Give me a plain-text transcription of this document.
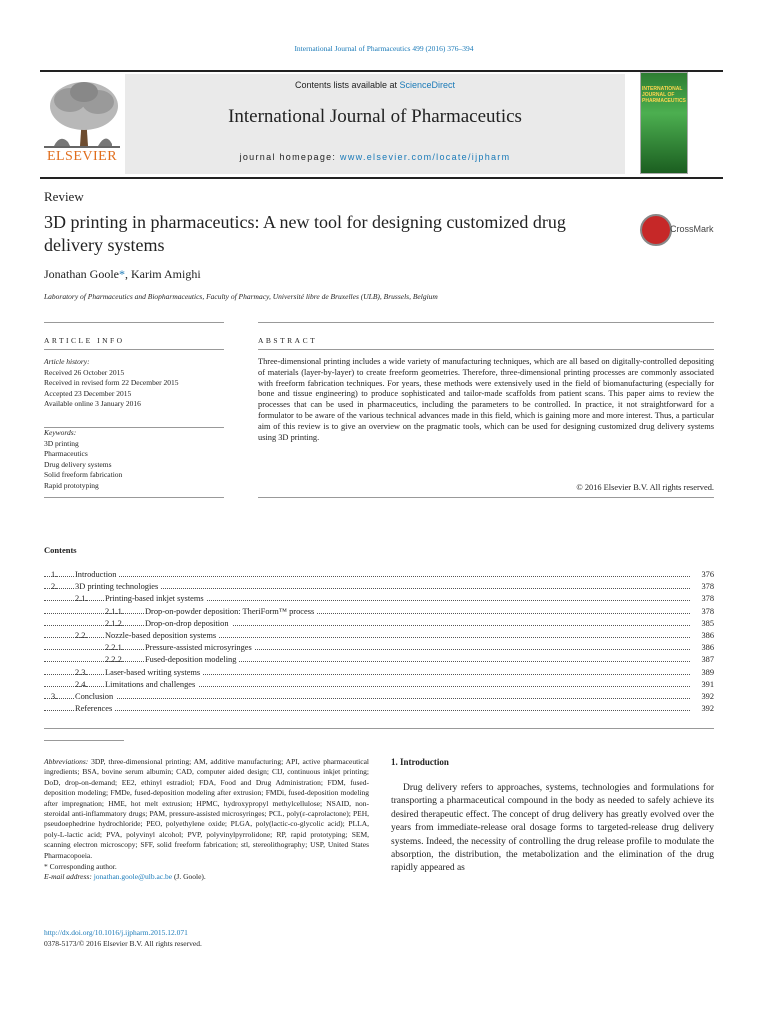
International Journal of Pharmaceutics 499 (2016) 376–394
Contents lists available at ScienceDirect
International Journal of Pharmaceutics
journal homepage: www.elsevier.com/locate/ijpharm
ELSEVIER
INTERNATIONAL JOURNAL OF PHARMACEUTICS
Review
3D printing in pharmaceutics: A new tool for designing customized drug delivery systems
CrossMark
Jonathan Goole*, Karim Amighi
Laboratory of Pharmaceutics and Biopharmaceutics, Faculty of Pharmacy, Université libre de Bruxelles (ULB), Brussels, Belgium
ARTICLE INFO	ABSTRACT
Article history:
Received 26 October 2015
Received in revised form 22 December 2015
Accepted 23 December 2015
Available online 3 January 2016
Keywords:
3D printing
Pharmaceutics
Drug delivery systems
Solid freeform fabrication
Rapid prototyping
Three-dimensional printing includes a wide variety of manufacturing techniques, which are all based on digitally-controlled depositing of materials (layer-by-layer) to create freeform geometries. Therefore, three-dimensional printing processes are commonly associated with freeform fabrication techniques. For years, these methods were extensively used in the field of biomanufacturing (especially for bone and tissue engineering) to produce sophisticated and tailor-made scaffolds from patient scans. This paper aims to review the processes that can be used in pharmaceutics, including the parameters to be controlled. In practice, it not straightforward for a formulator to be aware of the various technical advances made in this field, which is gaining more and more interest. Thus, a particular aim of this review is to give an overview on the pragmatic tools, which can be used for designing customized drug delivery systems using 3D printing.
© 2016 Elsevier B.V. All rights reserved.
Contents
1. Introduction	376
2. 3D printing technologies	378
2.1. Printing-based inkjet systems	378
2.1.1.	Drop-on-powder deposition: TheriForm™ process	378
2.1.2.	Drop-on-drop deposition	385
2.2. Nozzle-based deposition systems	386
2.2.1.	Pressure-assisted microsyringes	386
2.2.2.	Fused-deposition modeling	387
2.3. Laser-based writing systems	389
2.4. Limitations and challenges	391
3. Conclusion	392
References	392
Abbreviations: 3DP, three-dimensional printing; AM, additive manufacturing; API, active pharmaceutical ingredients; BSA, bovine serum albumin; CAD, computer aided design; CIJ, continuous inkjet printing; DoD, drop-on-demand; EE2, ethinyl estradiol; FDA, Food and Drug Administration; FDM, fused-deposition modeling; FMDe, fused-deposition modeling after extrusion; FMDi, fused-deposition modeling after impregnation; HME, hot melt extrusion; HPMC, hydroxypropyl methylcellulose; NSAID, non-steroidal anti-inflammatory drugs; PAM, pressure-assisted microsyringes; PCL, poly(ε-caprolactone); PEH, pseudoephedrine hydrochloride; PEO, polyethylene oxide; PLGA, poly(lactic-co-glycolic acid); PLLA, poly-L-lactic acid; PVA, polyvinyl alcohol; PVP, polyvinylpyrrolidone; RP, rapid prototyping; SEM, scanning electron microscopy; SFF, solid freeform fabrication; stl, stereolithography; USP, United States Pharmacopoeia.
* Corresponding author.
E-mail address: jonathan.goole@ulb.ac.be (J. Goole).
http://dx.doi.org/10.1016/j.ijpharm.2015.12.071
0378-5173/© 2016 Elsevier B.V. All rights reserved.
1. Introduction
Drug delivery refers to approaches, systems, technologies and formulations for transporting a pharmaceutical compound in the body as needed to safely achieve its desired therapeutic effect. The concept of drug delivery has greatly evolved over the years from immediate-release oral dosage forms to targeted-release drug delivery systems. Indeed, the necessity of controlling the drug release profile to modulate the absorption, the distribution, the metabolization and the elimination of the drug rapidly appeared as
